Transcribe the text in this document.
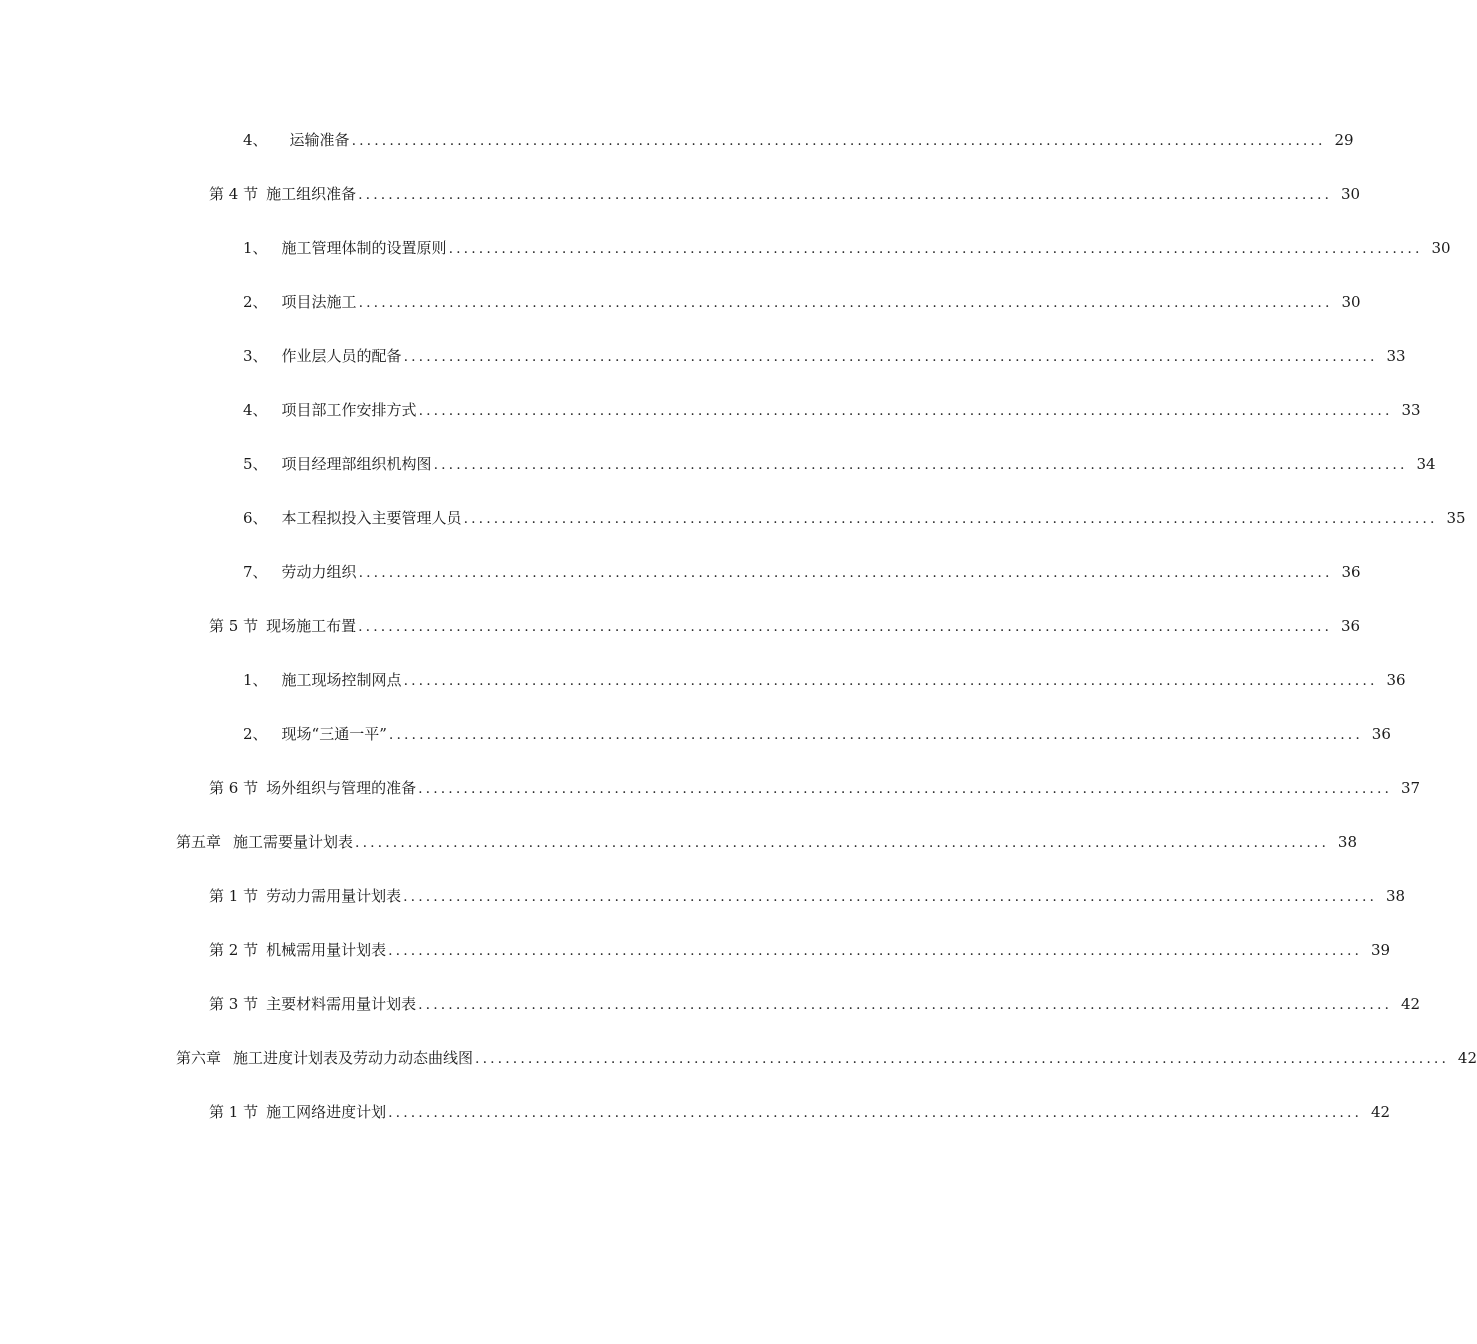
4、 运输准备 ................................................................................................................................. 29
第 4 节 施工组织准备 ................................................................................................................................. 30
1、 施工管理体制的设置原则 ................................................................................................................................. 30
2、 项目法施工 ................................................................................................................................. 30
3、 作业层人员的配备 ................................................................................................................................. 33
4、 项目部工作安排方式 ................................................................................................................................. 33
5、 项目经理部组织机构图 ................................................................................................................................. 34
6、 本工程拟投入主要管理人员 ................................................................................................................................. 35
7、 劳动力组织 ................................................................................................................................. 36
第 5 节 现场施工布置 ................................................................................................................................. 36
1、 施工现场控制网点 ................................................................................................................................. 36
2、 现场“三通一平” ................................................................................................................................. 36
第 6 节 场外组织与管理的准备 ................................................................................................................................. 37
第五章 施工需要量计划表 ................................................................................................................................. 38
第 1 节 劳动力需用量计划表 ................................................................................................................................. 38
第 2 节 机械需用量计划表 ................................................................................................................................. 39
第 3 节 主要材料需用量计划表 ................................................................................................................................. 42
第六章 施工进度计划表及劳动力动态曲线图 ................................................................................................................................. 42
第 1 节 施工网络进度计划 ................................................................................................................................. 42
